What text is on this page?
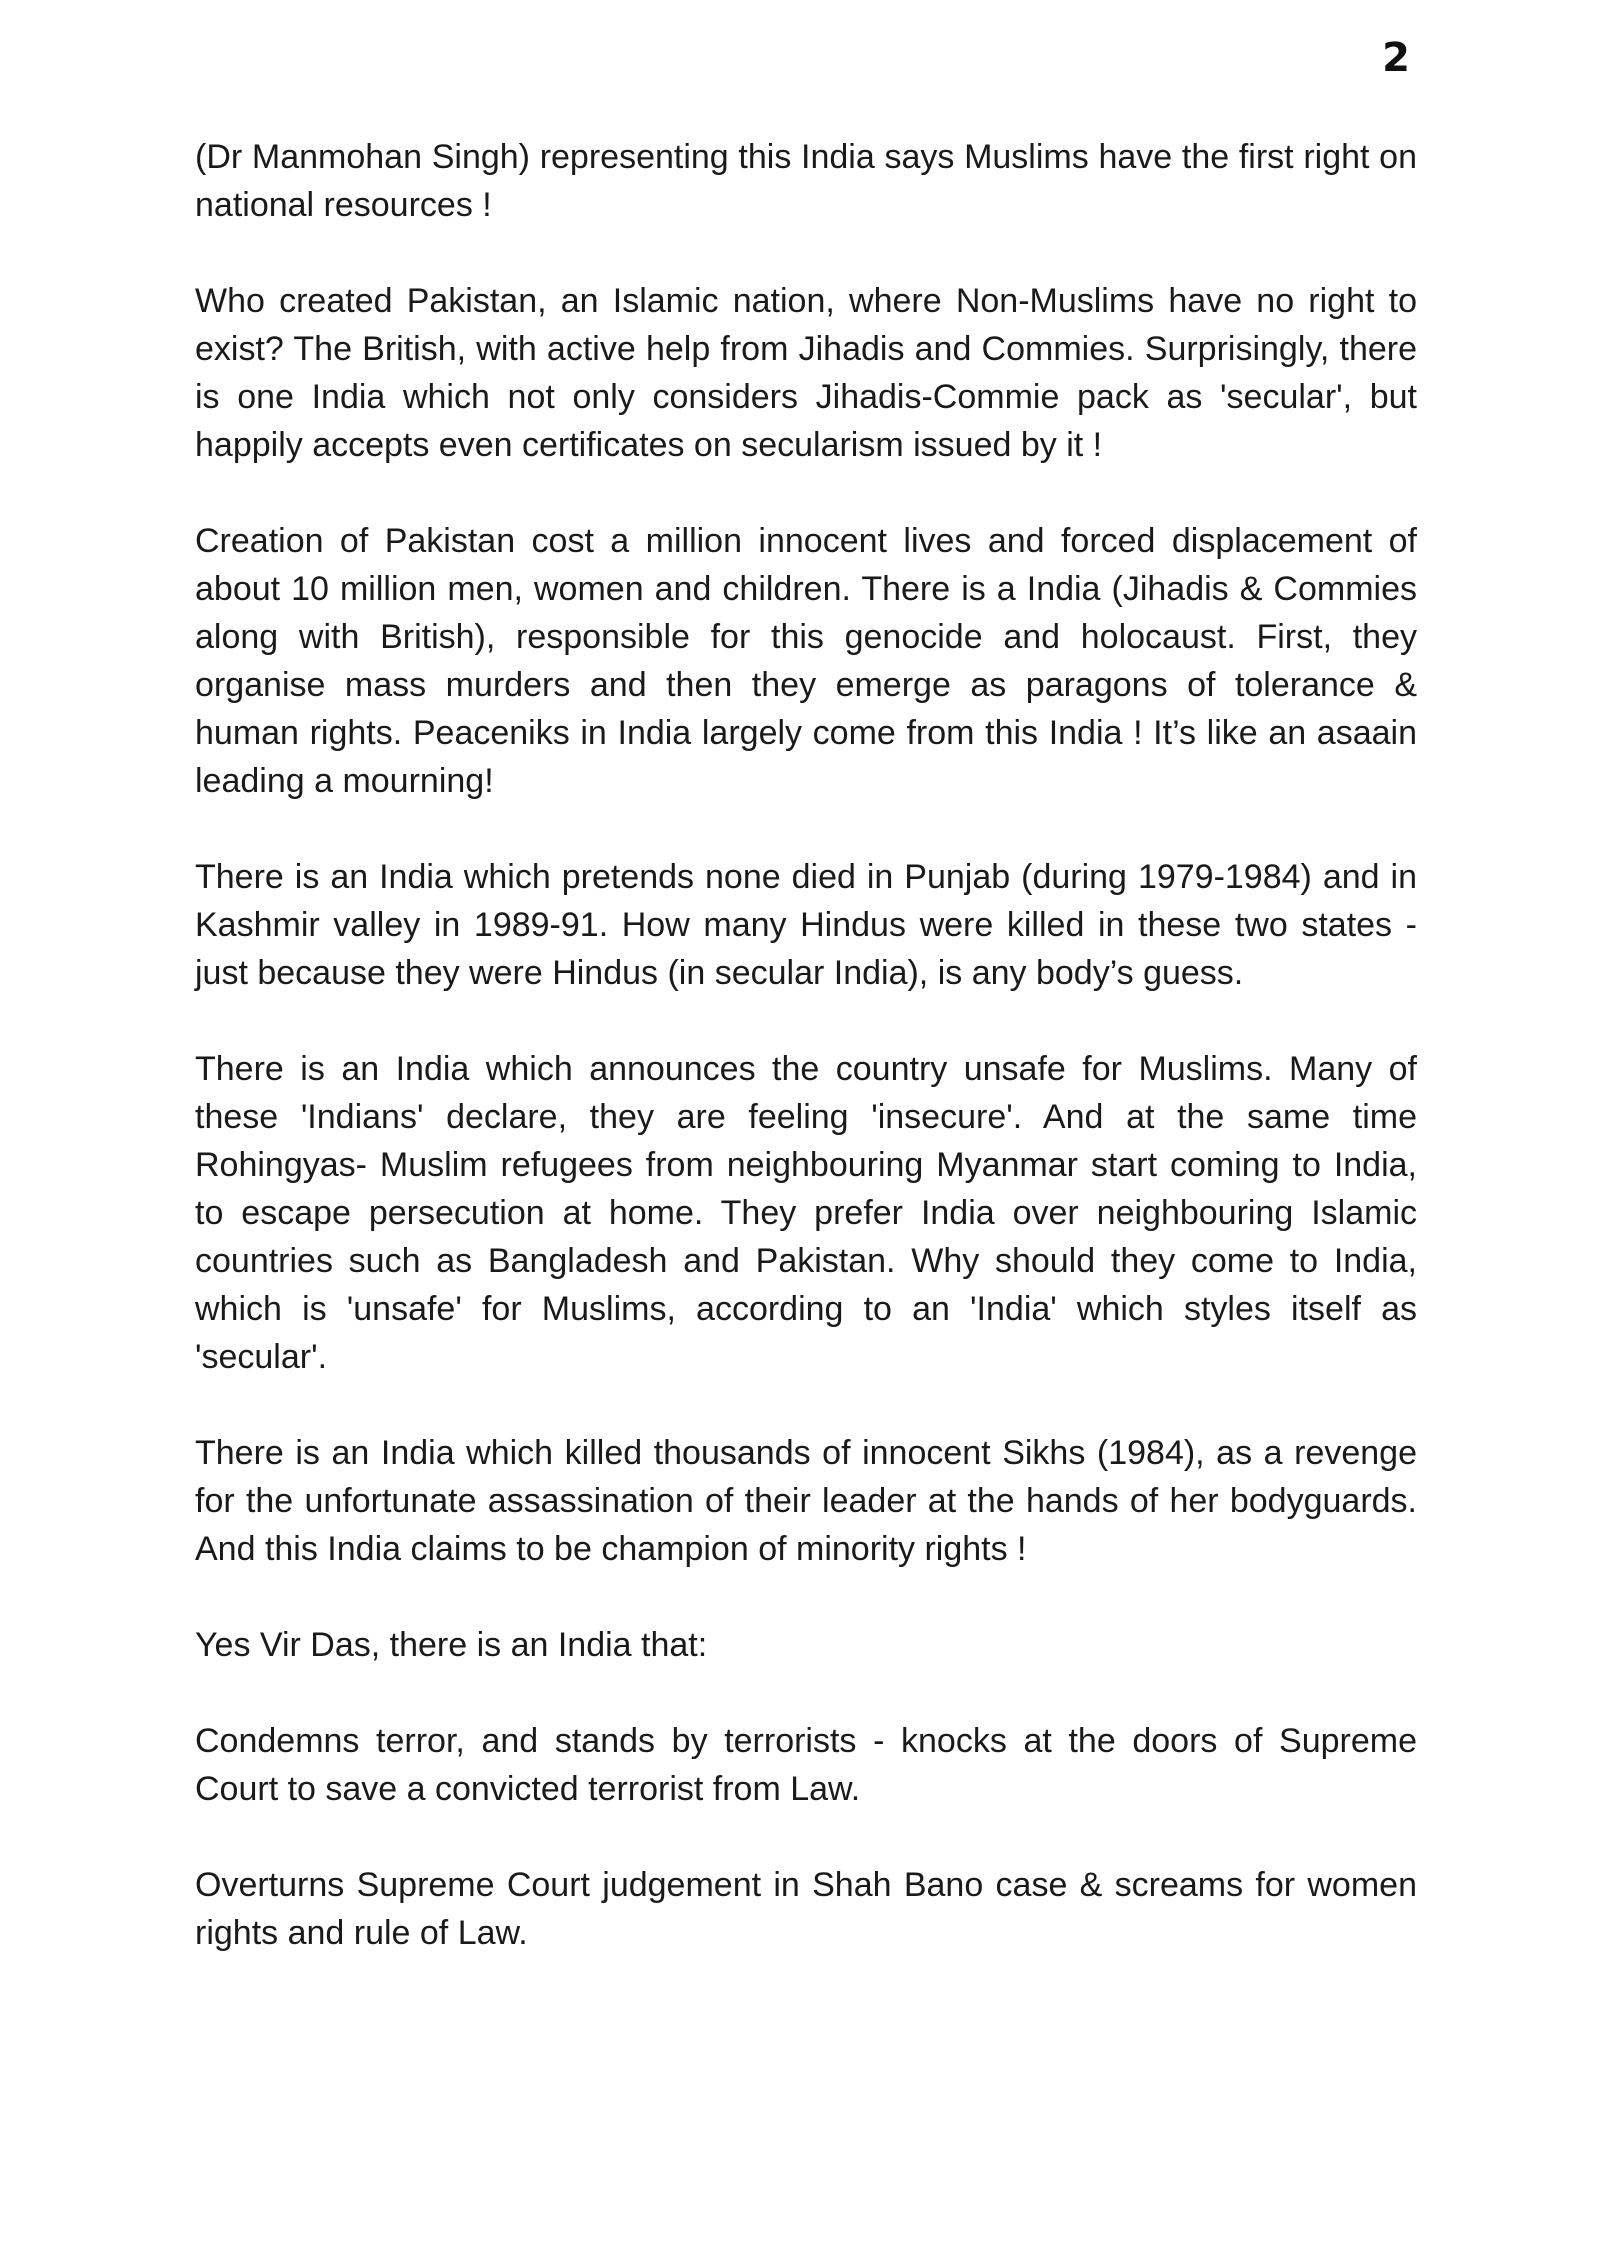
2

(Dr Manmohan Singh) representing this India says Muslims have the first right on national resources !

Who created Pakistan, an Islamic nation, where Non-Muslims have no right to exist? The British, with active help from Jihadis and Commies. Surprisingly, there is one India which not only considers Jihadis-Commie pack as 'secular', but happily accepts even certificates on secularism issued by it !

Creation of Pakistan cost a million innocent lives and forced displacement of about 10 million men, women and children. There is a India (Jihadis & Commies along with British), responsible for this genocide and holocaust. First, they organise mass murders and then they emerge as paragons of tolerance & human rights. Peaceniks in India largely come from this India ! It’s like an asaain leading a mourning!

There is an India which pretends none died in Punjab (during 1979-1984) and in Kashmir valley in 1989-91. How many Hindus were killed in these two states - just because they were Hindus (in secular India), is any body’s guess.

There is an India which announces the country unsafe for Muslims. Many of these 'Indians' declare, they are feeling 'insecure'. And at the same time Rohingyas- Muslim refugees from neighbouring Myanmar start coming to India, to escape persecution at home. They prefer India over neighbouring Islamic countries such as Bangladesh and Pakistan. Why should they come to India, which is 'unsafe' for Muslims, according to an 'India' which styles itself as 'secular'.

There is an India which killed thousands of innocent Sikhs (1984), as a revenge for the unfortunate assassination of their leader at the hands of her bodyguards. And this India claims to be champion of minority rights !

Yes Vir Das, there is an India that:

Condemns terror, and stands by terrorists - knocks at the doors of Supreme Court to save a convicted terrorist from Law.

Overturns Supreme Court judgement in Shah Bano case & screams for women rights and rule of Law.
